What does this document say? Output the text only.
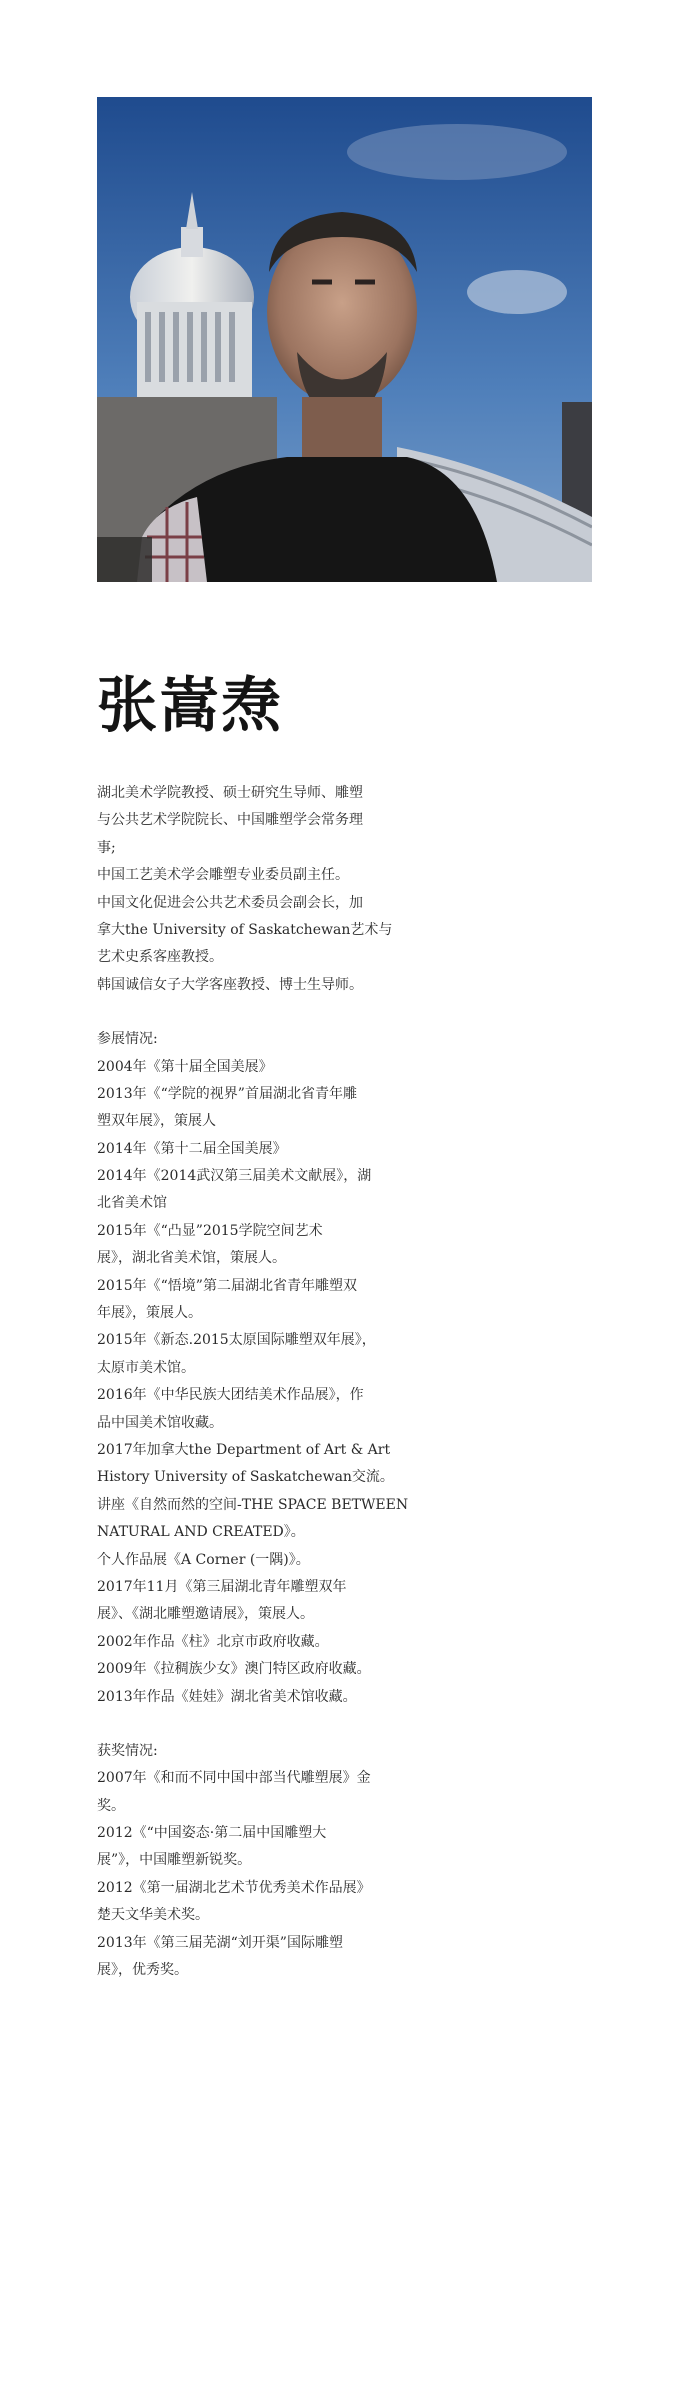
张嵩焘
湖北美术学院教授、硕士研究生导师、雕塑
与公共艺术学院院长、中国雕塑学会常务理
事;
中国工艺美术学会雕塑专业委员副主任。
中国文化促进会公共艺术委员会副会长，加
拿大the University of Saskatchewan艺术与
艺术史系客座教授。
韩国诚信女子大学客座教授、博士生导师。
参展情况:
2004年《第十届全国美展》
2013年《“学院的视界”首届湖北省青年雕
塑双年展》，策展人
2014年《第十二届全国美展》
2014年《2014武汉第三届美术文献展》，湖
北省美术馆
2015年《“凸显”2015学院空间艺术
展》，湖北省美术馆，策展人。
2015年《“悟境”第二届湖北省青年雕塑双
年展》，策展人。
2015年《新态.2015太原国际雕塑双年展》，
太原市美术馆。
2016年《中华民族大团结美术作品展》，作
品中国美术馆收藏。
2017年加拿大the Department of Art & Art
History University of Saskatchewan交流。
讲座《自然而然的空间-THE SPACE BETWEEN
NATURAL AND CREATED》。
个人作品展《A Corner (一隅)》。
2017年11月《第三届湖北青年雕塑双年
展》、《湖北雕塑邀请展》，策展人。
2002年作品《柱》北京市政府收藏。
2009年《拉稠族少女》澳门特区政府收藏。
2013年作品《娃娃》湖北省美术馆收藏。
获奖情况:
2007年《和而不同中国中部当代雕塑展》金
奖。
2012《“中国姿态·第二届中国雕塑大
展”》，中国雕塑新锐奖。
2012《第一届湖北艺术节优秀美术作品展》
楚天文华美术奖。
2013年《第三届芜湖“刘开渠”国际雕塑
展》，优秀奖。
